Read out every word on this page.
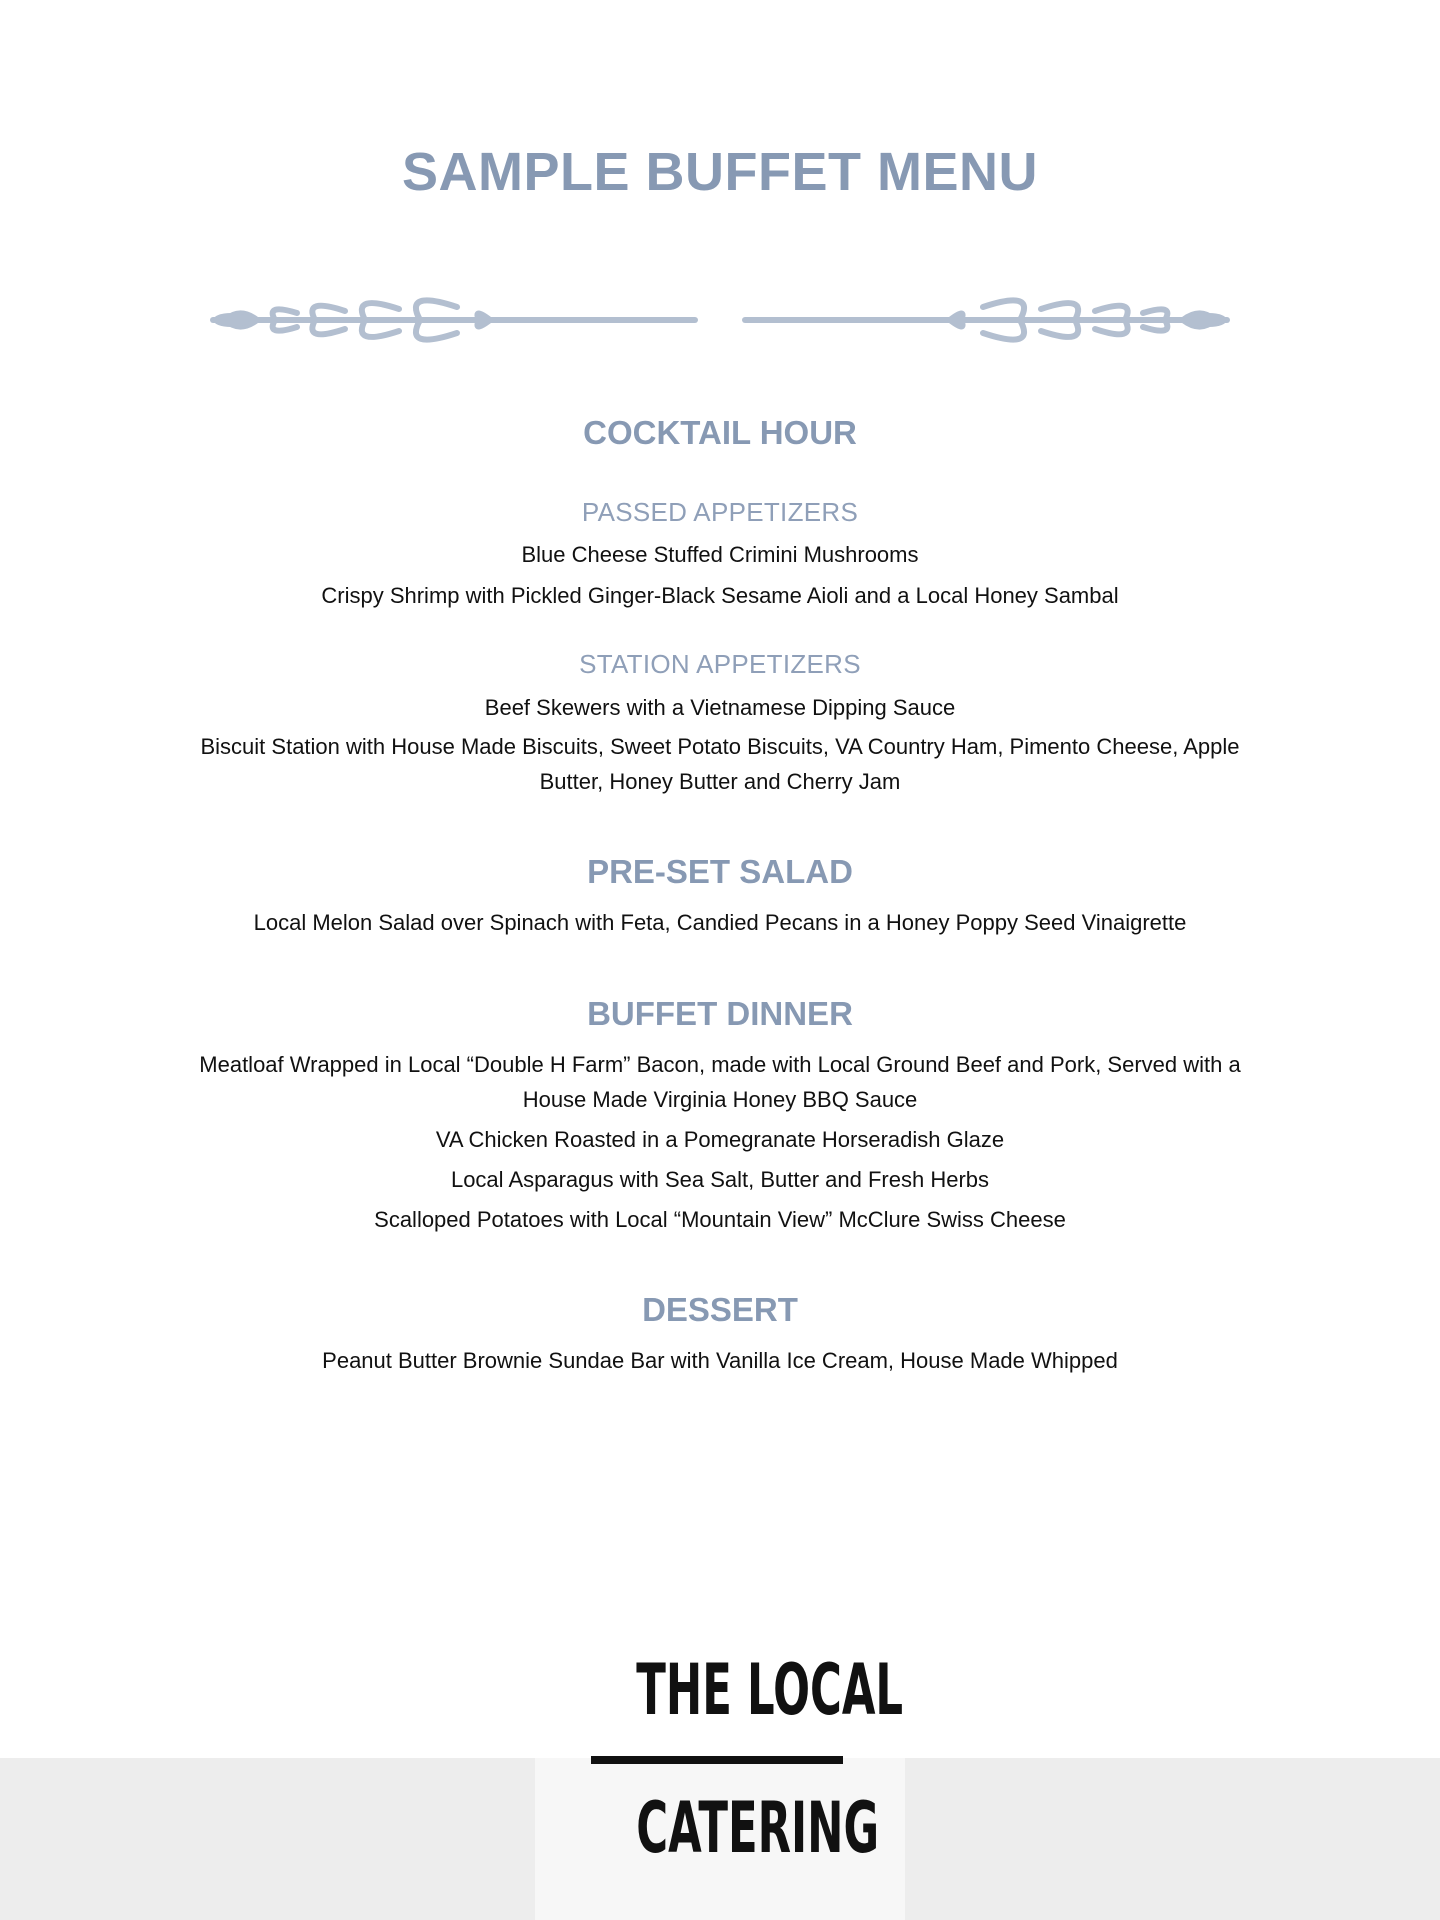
SAMPLE BUFFET MENU
COCKTAIL HOUR
PASSED APPETIZERS
Blue Cheese Stuffed Crimini Mushrooms
Crispy Shrimp with Pickled Ginger-Black Sesame Aioli and a Local Honey Sambal
STATION APPETIZERS
Beef Skewers with a Vietnamese Dipping Sauce
Biscuit Station with House Made Biscuits, Sweet Potato Biscuits, VA Country Ham, Pimento Cheese, Apple Butter, Honey Butter and Cherry Jam
PRE-SET SALAD
Local Melon Salad over Spinach with Feta, Candied Pecans in a Honey Poppy Seed Vinaigrette
BUFFET DINNER
Meatloaf Wrapped in Local “Double H Farm” Bacon, made with Local Ground Beef and Pork, Served with a House Made Virginia Honey BBQ Sauce
VA Chicken Roasted in a Pomegranate Horseradish Glaze
Local Asparagus with Sea Salt, Butter and Fresh Herbs
Scalloped Potatoes with Local “Mountain View” McClure Swiss Cheese
DESSERT
Peanut Butter Brownie Sundae Bar with Vanilla Ice Cream, House Made Whipped
THE LOCAL
CATERING
